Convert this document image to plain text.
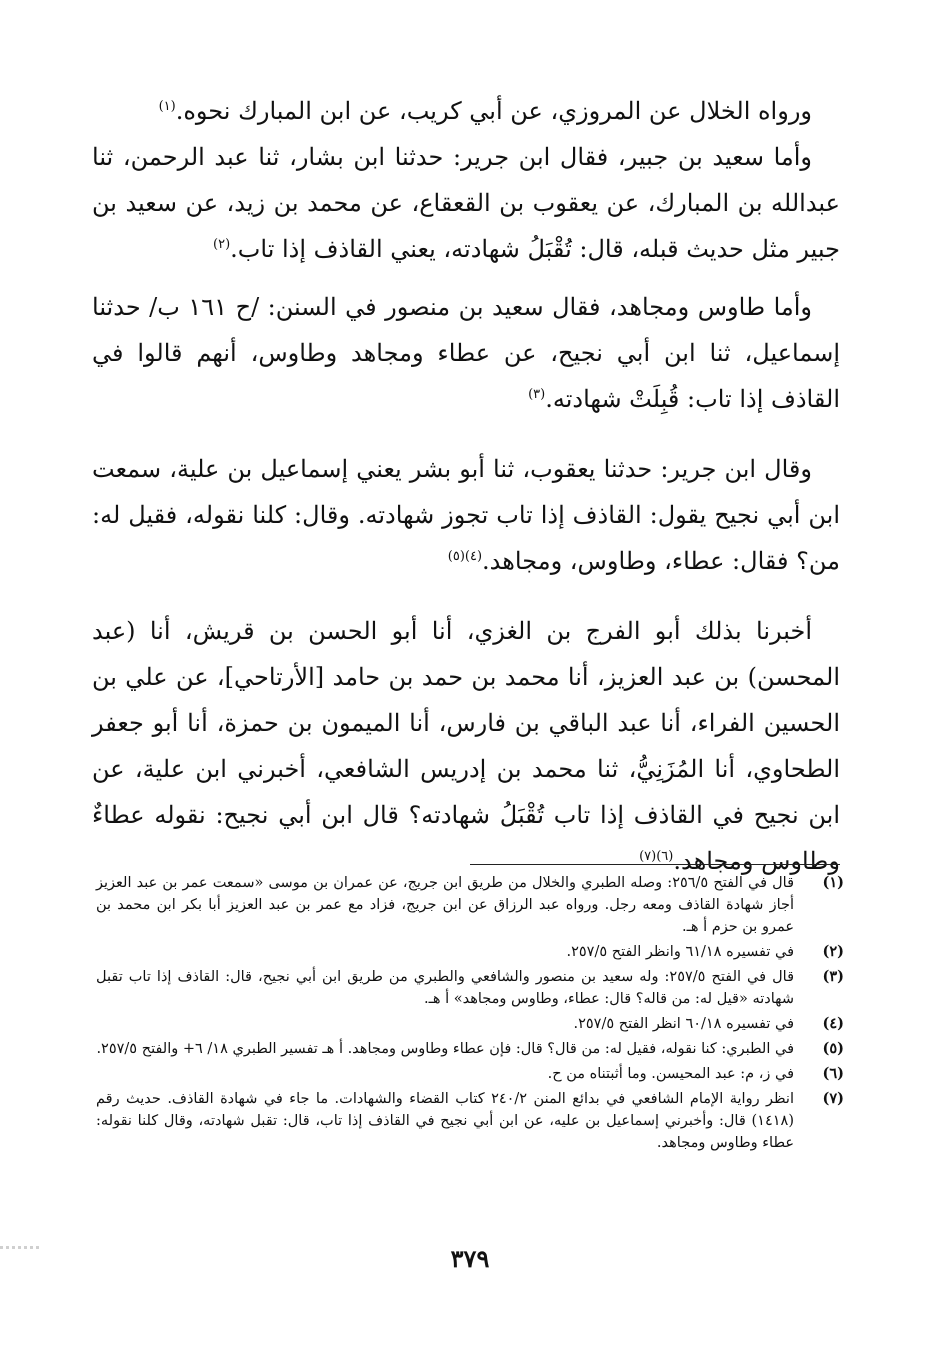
ورواه الخلال عن المروزي، عن أبي كريب، عن ابن المبارك نحوه.$^{(١)}$

وأما سعيد بن جبير، فقال ابن جرير: حدثنا ابن بشار، ثنا عبد الرحمن، ثنا عبدالله بن المبارك، عن يعقوب بن القعقاع، عن محمد بن زيد، عن سعيد بن جبير مثل حديث قبله، قال: تُقْبَلُ شهادته، يعني القاذف إذا تاب.$^{(٢)}$

وأما طاوس ومجاهد، فقال سعيد بن منصور في السنن: /ح ١٦١ ب/ حدثنا إسماعيل، ثنا ابن أبي نجيح، عن عطاء ومجاهد وطاوس، أنهم قالوا في القاذف إذا تاب: قُبِلَتْ شهادته.$^{(٣)}$

وقال ابن جرير: حدثنا يعقوب، ثنا أبو بشر يعني إسماعيل بن علية، سمعت ابن أبي نجيح يقول: القاذف إذا تاب تجوز شهادته. وقال: كلنا نقوله، فقيل له: من؟ فقال: عطاء، وطاوس، ومجاهد.$^{(٤)(٥)}$

أخبرنا بذلك أبو الفرج بن الغزي، أنا أبو الحسن بن قريش، أنا (عبد المحسن) بن عبد العزيز، أنا محمد بن حمد بن حامد [الأرتاحي]، عن علي بن الحسين الفراء، أنا عبد الباقي بن فارس، أنا الميمون بن حمزة، أنا أبو جعفر الطحاوي، أنا المُزَنِيُّ، ثنا محمد بن إدريس الشافعي، أخبرني ابن علية، عن ابن نجيح في القاذف إذا تاب تُقْبَلُ شهادته؟ قال ابن أبي نجيح: نقوله عطاءٌ وطاوس ومجاهد.$^{(٦)(٧)}$

(١)
قال في الفتح ٢٥٦/٥: وصله الطبري والخلال من طريق ابن جريج، عن عمران بن موسى «سمعت عمر بن عبد العزيز أجاز شهادة القاذف ومعه رجل. ورواه عبد الرزاق عن ابن جريج، فزاد مع عمر بن عبد العزيز أبا بكر ابن محمد بن عمرو بن حزم أ هـ.
(٢)
في تفسيره ٦١/١٨ وانظر الفتح ٢٥٧/٥.
(٣)
قال في الفتح ٢٥٧/٥: وله سعيد بن منصور والشافعي والطبري من طريق ابن أبي نجيح، قال: القاذف إذا تاب تقبل شهادته «قيل له: من قاله؟ قال: عطاء، وطاوس ومجاهد» أ هـ.
(٤)
في تفسيره ٦٠/١٨ انظر الفتح ٢٥٧/٥.
(٥)
في الطبري: كنا نقوله، فقيل له: من قال؟ قال: فإن عطاء وطاوس ومجاهد. أ هـ تفسير الطبري ١٨/ ٦+ والفتح ٢٥٧/٥.
(٦)
في ز، م: عبد المحيسن. وما أثبتناه من ح.
(٧)
انظر رواية الإمام الشافعي في بدائع المنن ٢٤٠/٢ كتاب القضاء والشهادات. ما جاء في شهادة القاذف. حديث رقم (١٤١٨) قال: وأخبرني إسماعيل بن عليه، عن ابن أبي نجيح في القاذف إذا تاب، قال: تقبل شهادته، وقال كلنا نقوله: عطاء وطاوس ومجاهد.
٣٧٩
